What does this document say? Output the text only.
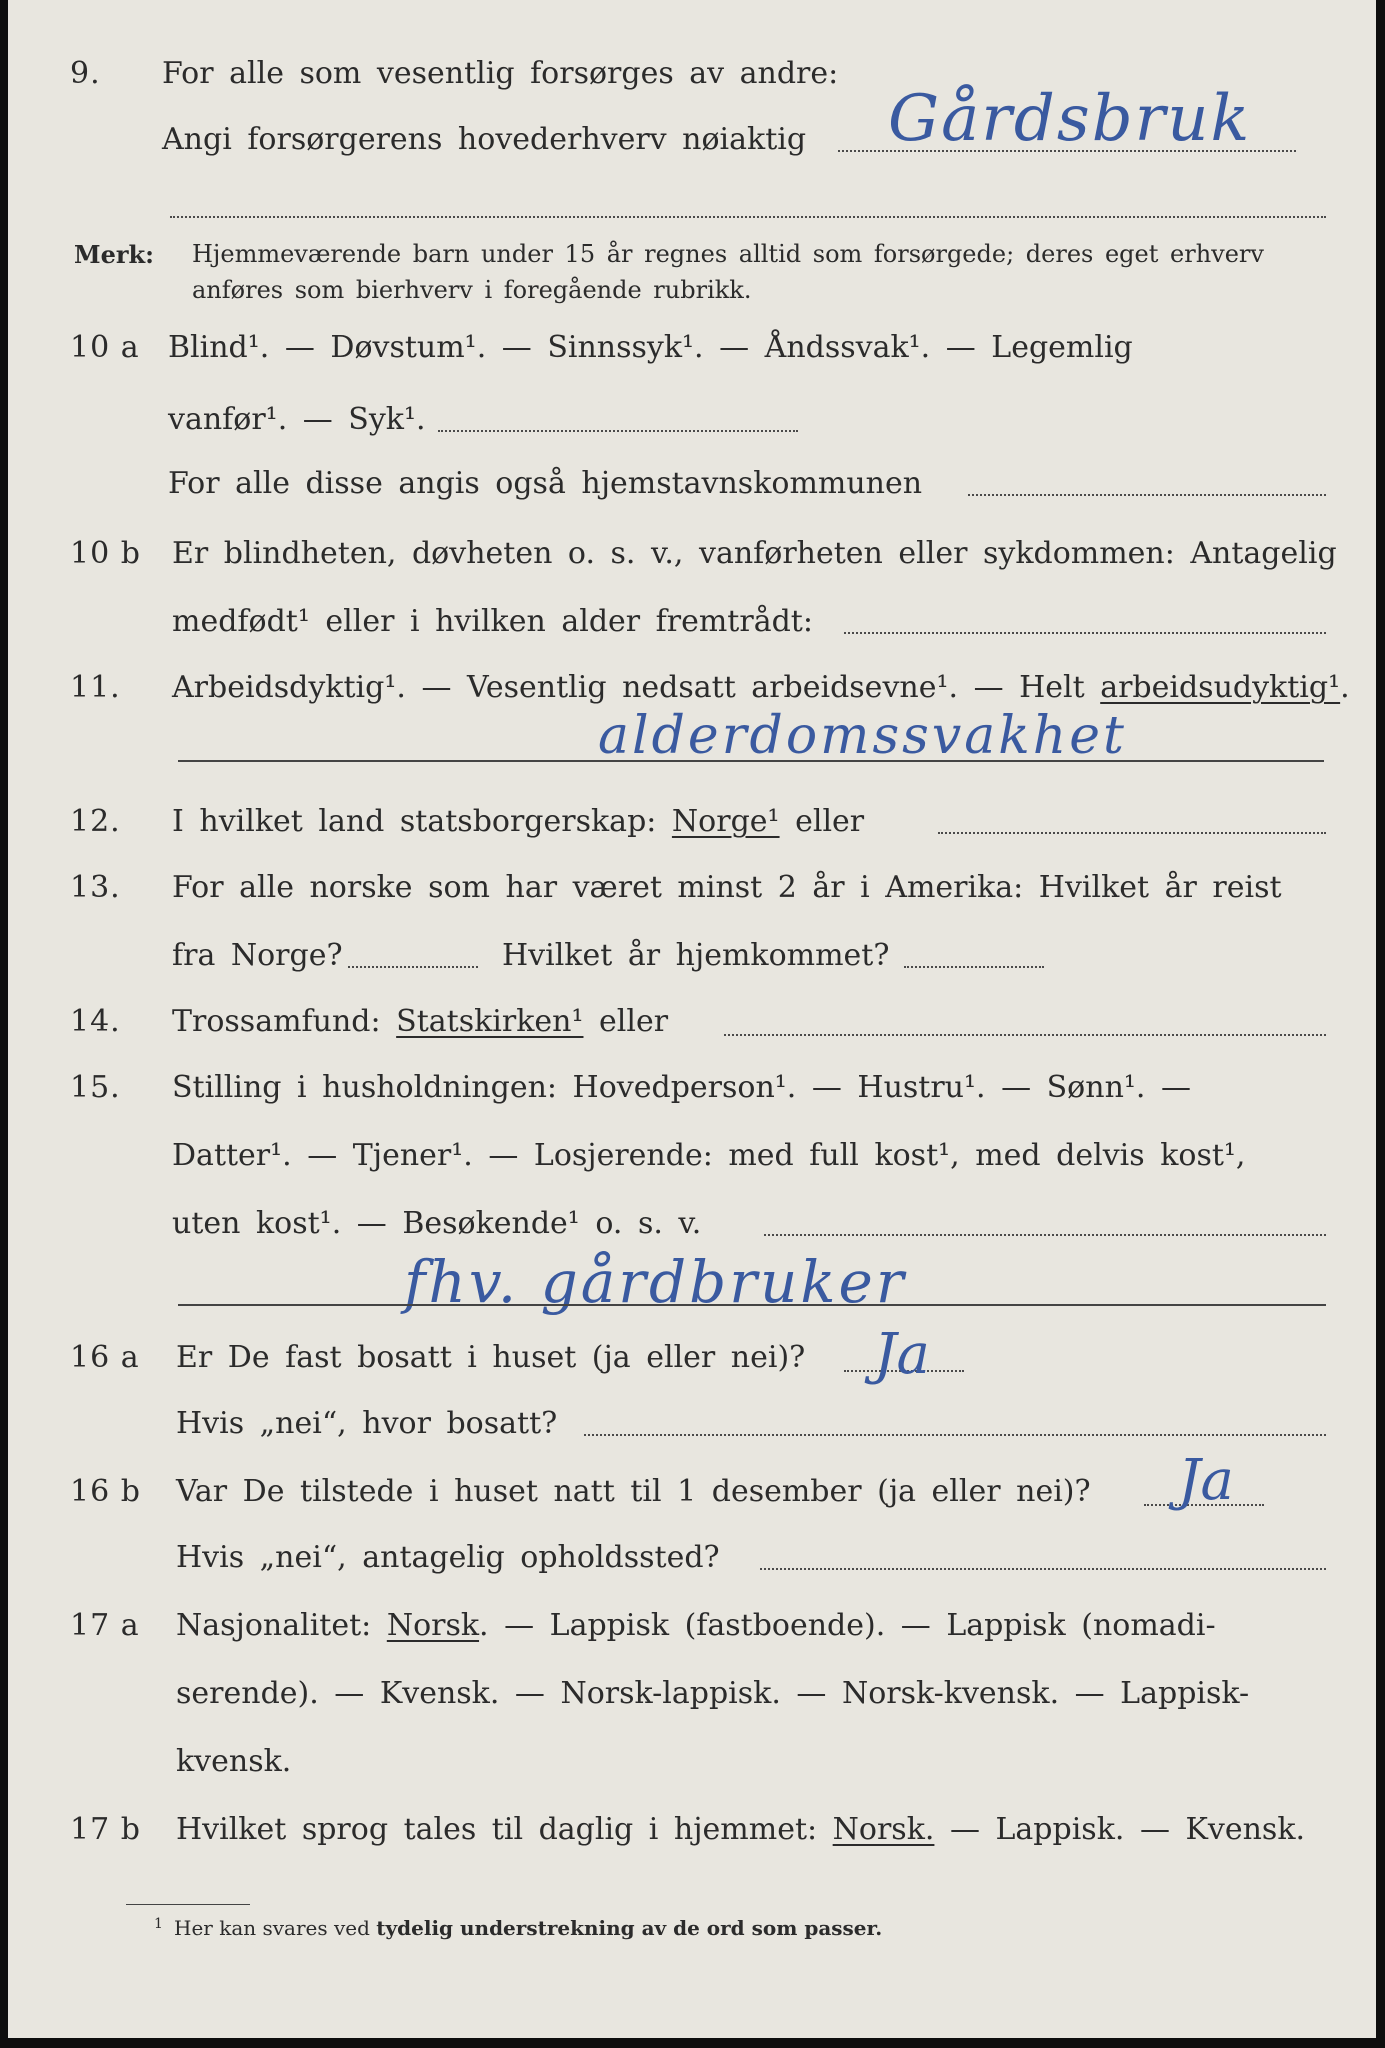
9. For alle som vesentlig forsørges av andre:
Angi forsørgerens hovederhverv nøiaktig Gårdsbruk
Merk: Hjemmeværende barn under 15 år regnes alltid som forsørgede; deres eget erhverv
anføres som bierhverv i foregående rubrikk.
10 a Blind¹. — Døvstum¹. — Sinnssyk¹. — Åndssvak¹. — Legemlig
vanfør¹. — Syk¹.
For alle disse angis også hjemstavnskommunen
10 b Er blindheten, døvheten o. s. v., vanførheten eller sykdommen: Antagelig
medfødt¹ eller i hvilken alder fremtrådt:
11. Arbeidsdyktig¹. — Vesentlig nedsatt arbeidsevne¹. — Helt arbeidsudyktig¹.
alderdomssvakhet
12. I hvilket land statsborgerskap: Norge¹ eller
13. For alle norske som har været minst 2 år i Amerika: Hvilket år reist
fra Norge?	Hvilket år hjemkommet?
14. Trossamfund: Statskirken¹ eller
15. Stilling i husholdningen: Hovedperson¹. — Hustru¹. — Sønn¹. —
Datter¹. — Tjener¹. — Losjerende: med full kost¹, med delvis kost¹,
uten kost¹. — Besøkende¹ o. s. v.
fhv. gårdbruker
16 a Er De fast bosatt i huset (ja eller nei)? Ja
Hvis „nei“, hvor bosatt?
16 b Var De tilstede i huset natt til 1 desember (ja eller nei)? Ja
Hvis „nei“, antagelig opholdssted?
17 a Nasjonalitet: Norsk. — Lappisk (fastboende). — Lappisk (nomadi-
serende). — Kvensk. — Norsk-lappisk. — Norsk-kvensk. — Lappisk-
kvensk.
17 b Hvilket sprog tales til daglig i hjemmet: Norsk. — Lappisk. — Kvensk.
1 Her kan svares ved tydelig understrekning av de ord som passer.
